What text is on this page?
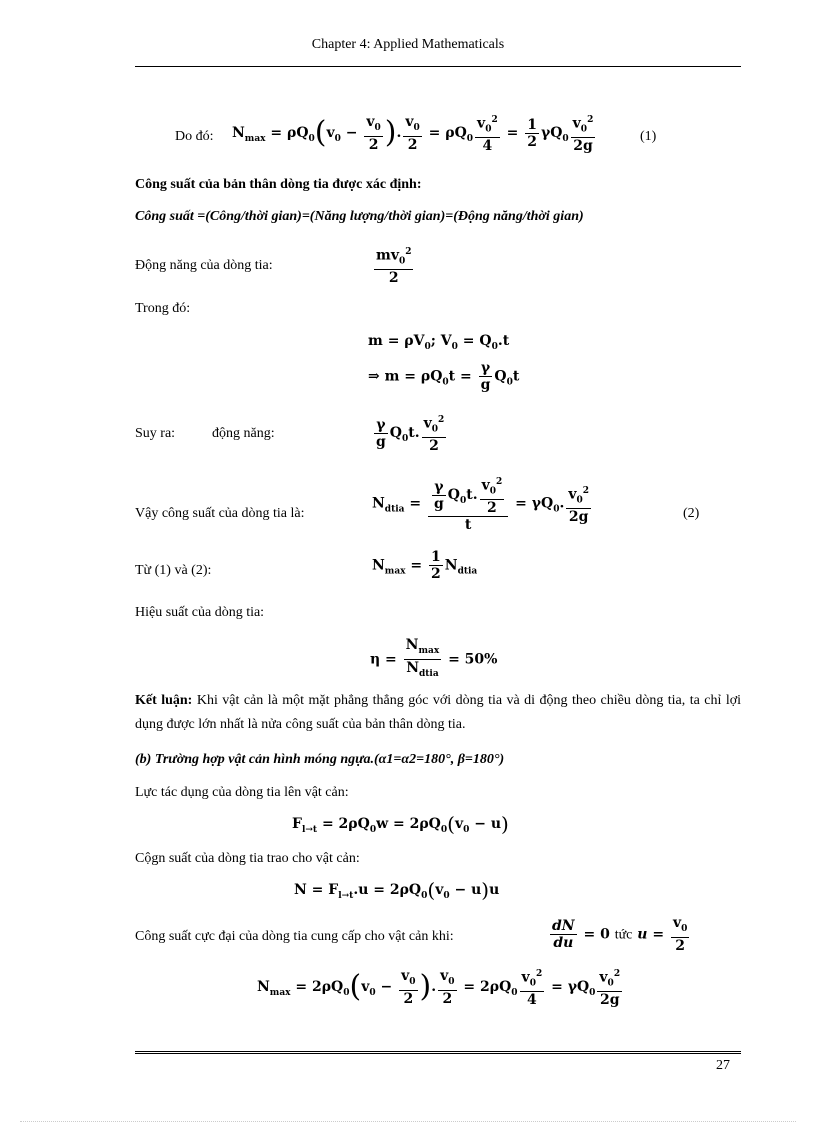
Chapter 4: Applied Mathematicals
Do đó: $N_{max} = \rho Q_0(v_0 - \frac{v_0}{2}$ ). $\frac{v_0}{2} = \rho Q_0 \frac{v_0^2}{4} = \frac{1}{2} \gamma Q_0 \frac{v_0^2}{2g}$	(1)
Công suất của bản thân dòng tia được xác định:
Công suất =(Công/thời gian)=(Năng lượng/thời gian)=(Động năng/thời gian)
Động năng của dòng tia:	$\frac{mv_0^2}{2}$
Trong đó:
$m = \rho V_0$; $V_0 = Q_0.t$
⇒ $m = \rho Q_0t = \frac{\gamma}{g} Q_0t$
Suy ra:	động năng:	$\frac{\gamma}{g} Q_0t$. $\frac{v_0^2}{2}$
Vậy công suất của dòng tia là:
$N_{dtia} = \frac{\frac{\gamma}{g} Q_0t. \frac{v_0^2}{2}}{t} = \gamma Q_0$. $\frac{v_0^2}{2g}$	(2)
Từ (1) và (2):	$N_{max} = \frac{1}{2} N_{dtia}$
Hiệu suất của dòng tia:
$\eta = \frac{N_{max}}{N_{dtia}} = 50\%$
Kết luận: Khi vật cản là một mặt phẳng thẳng góc với dòng tia và di động theo chiều dòng tia, ta chỉ lợi dụng được lớn nhất là nửa công suất của bản thân dòng tia.
(b) Trường hợp vật cản hình móng ngựa.(α1=α2=180°, β=180°)
Lực tác dụng của dòng tia lên vật cản:
$F_{l\to t} = 2\rho Q_0w = 2\rho Q_0(v_0 - u)$
Cộgn suất của dòng tia trao cho vật cản:
$N = F_{l\to t}.u = 2\rho Q_0(v_0 - u)u$
Công suất cực đại của dòng tia cung cấp cho vật cản khi:	$\frac{dN}{du} = 0$ tức $u = \frac{v_0}{2}$
$N_{max} = 2\rho Q_0(v_0 - \frac{v_0}{2}$ ). $\frac{v_0}{2} = 2\rho Q_0 \frac{v_0^2}{4} = \gamma Q_0 \frac{v_0^2}{2g}$
27
